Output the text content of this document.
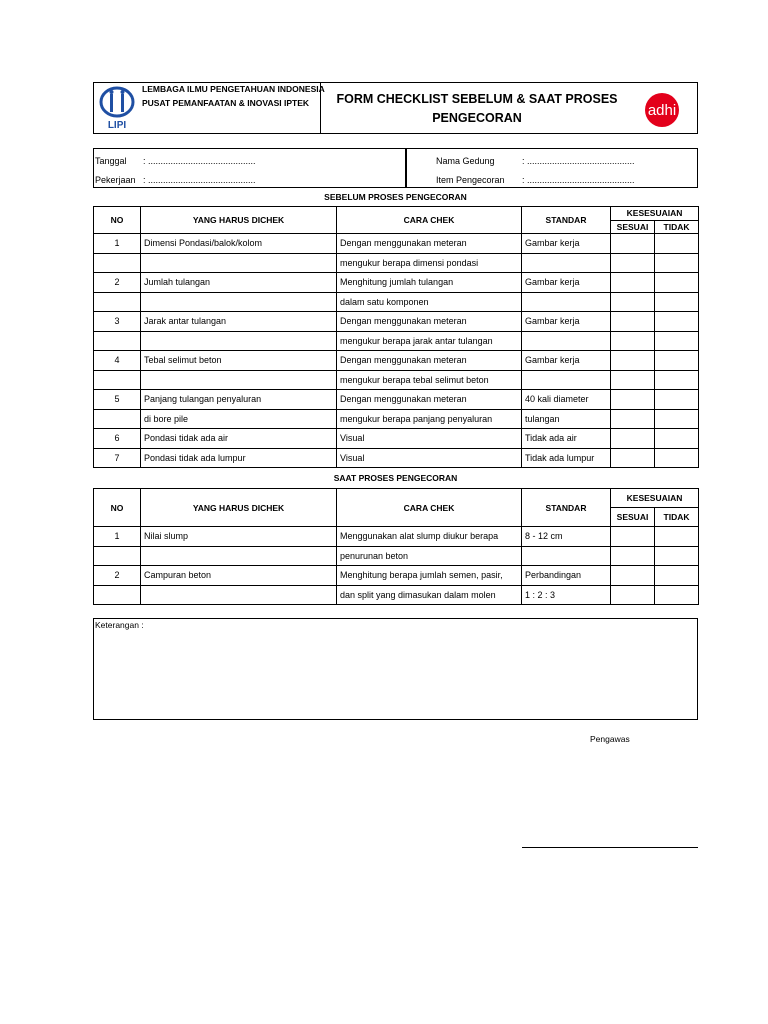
LIPI
LEMBAGA ILMU PENGETAHUAN INDONESIA
PUSAT PEMANFAATAN & INOVASI IPTEK	FORM CHECKLIST SEBELUM & SAAT PROSES
PENGECORAN	adhi
Tanggal : ...........................................
Pekerjaan : ...........................................
Nama Gedung	: ...........................................
Item Pengecoran : ...........................................
SEBELUM PROSES PENGECORAN
NO	YANG HARUS DICHEK	CARA CHEK	STANDAR	KESESUAIAN	
				SESUAI	TIDAK
1	Dimensi Pondasi/balok/kolom	Dengan menggunakan meteran	Gambar kerja		
		mengukur berapa dimensi pondasi			
2	Jumlah tulangan	Menghitung jumlah tulangan	Gambar kerja		
		dalam satu komponen			
3	Jarak antar tulangan	Dengan menggunakan meteran	Gambar kerja		
		mengukur berapa jarak antar tulangan			
4	Tebal selimut beton	Dengan menggunakan meteran	Gambar kerja		
		mengukur berapa tebal selimut beton			
5	Panjang tulangan penyaluran	Dengan menggunakan meteran	40 kali diameter		
	di bore pile	mengukur berapa panjang penyaluran	tulangan		
6	Pondasi tidak ada air	Visual	Tidak ada air		
7	Pondasi tidak ada lumpur	Visual	Tidak ada lumpur		
SAAT PROSES PENGECORAN
NO	YANG HARUS DICHEK	CARA CHEK	STANDAR	KESESUAIAN	
				SESUAI	TIDAK
1	Nilai slump	Menggunakan alat slump diukur berapa	8 - 12 cm		
		penurunan beton			
2	Campuran beton	Menghitung berapa jumlah semen, pasir,	Perbandingan		
		dan split yang dimasukan dalam molen	1 : 2 : 3		
Keterangan :
Pengawas
